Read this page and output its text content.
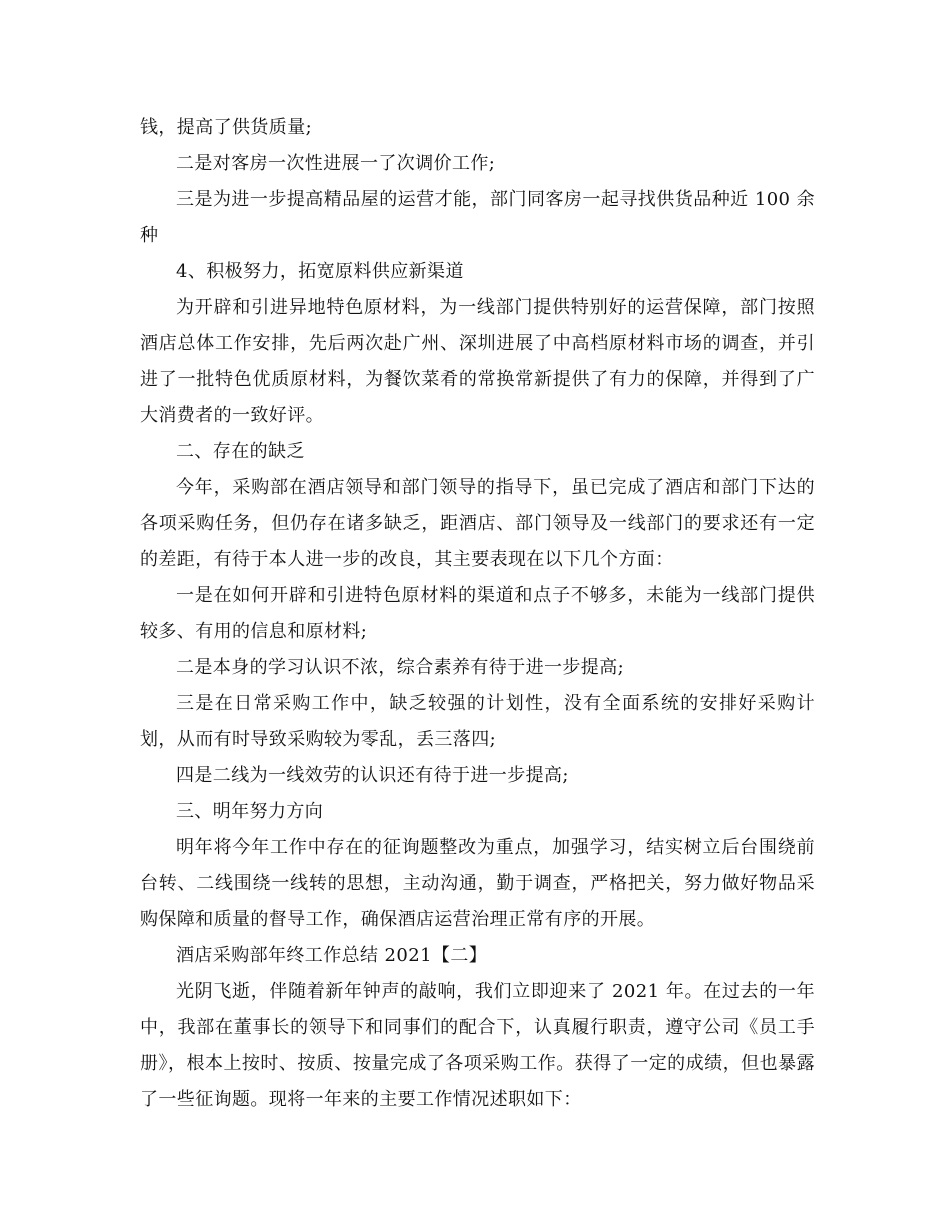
钱，提高了供货质量;

二是对客房一次性进展一了次调价工作;

三是为进一步提高精品屋的运营才能，部门同客房一起寻找供货品种近 100 余种

4、积极努力，拓宽原料供应新渠道

为开辟和引进异地特色原材料，为一线部门提供特别好的运营保障，部门按照酒店总体工作安排，先后两次赴广州、深圳进展了中高档原材料市场的调查，并引进了一批特色优质原材料，为餐饮菜肴的常换常新提供了有力的保障，并得到了广大消费者的一致好评。

二、存在的缺乏

今年，采购部在酒店领导和部门领导的指导下，虽已完成了酒店和部门下达的各项采购任务，但仍存在诸多缺乏，距酒店、部门领导及一线部门的要求还有一定的差距，有待于本人进一步的改良，其主要表现在以下几个方面：

一是在如何开辟和引进特色原材料的渠道和点子不够多，未能为一线部门提供较多、有用的信息和原材料;

二是本身的学习认识不浓，综合素养有待于进一步提高;

三是在日常采购工作中，缺乏较强的计划性，没有全面系统的安排好采购计划，从而有时导致采购较为零乱，丢三落四;

四是二线为一线效劳的认识还有待于进一步提高;

三、明年努力方向

明年将今年工作中存在的征询题整改为重点，加强学习，结实树立后台围绕前台转、二线围绕一线转的思想，主动沟通，勤于调查，严格把关，努力做好物品采购保障和质量的督导工作，确保酒店运营治理正常有序的开展。

酒店采购部年终工作总结 2021【二】

光阴飞逝，伴随着新年钟声的敲响，我们立即迎来了 2021 年。在过去的一年中，我部在董事长的领导下和同事们的配合下，认真履行职责，遵守公司《员工手册》，根本上按时、按质、按量完成了各项采购工作。获得了一定的成绩，但也暴露了一些征询题。现将一年来的主要工作情况述职如下：
